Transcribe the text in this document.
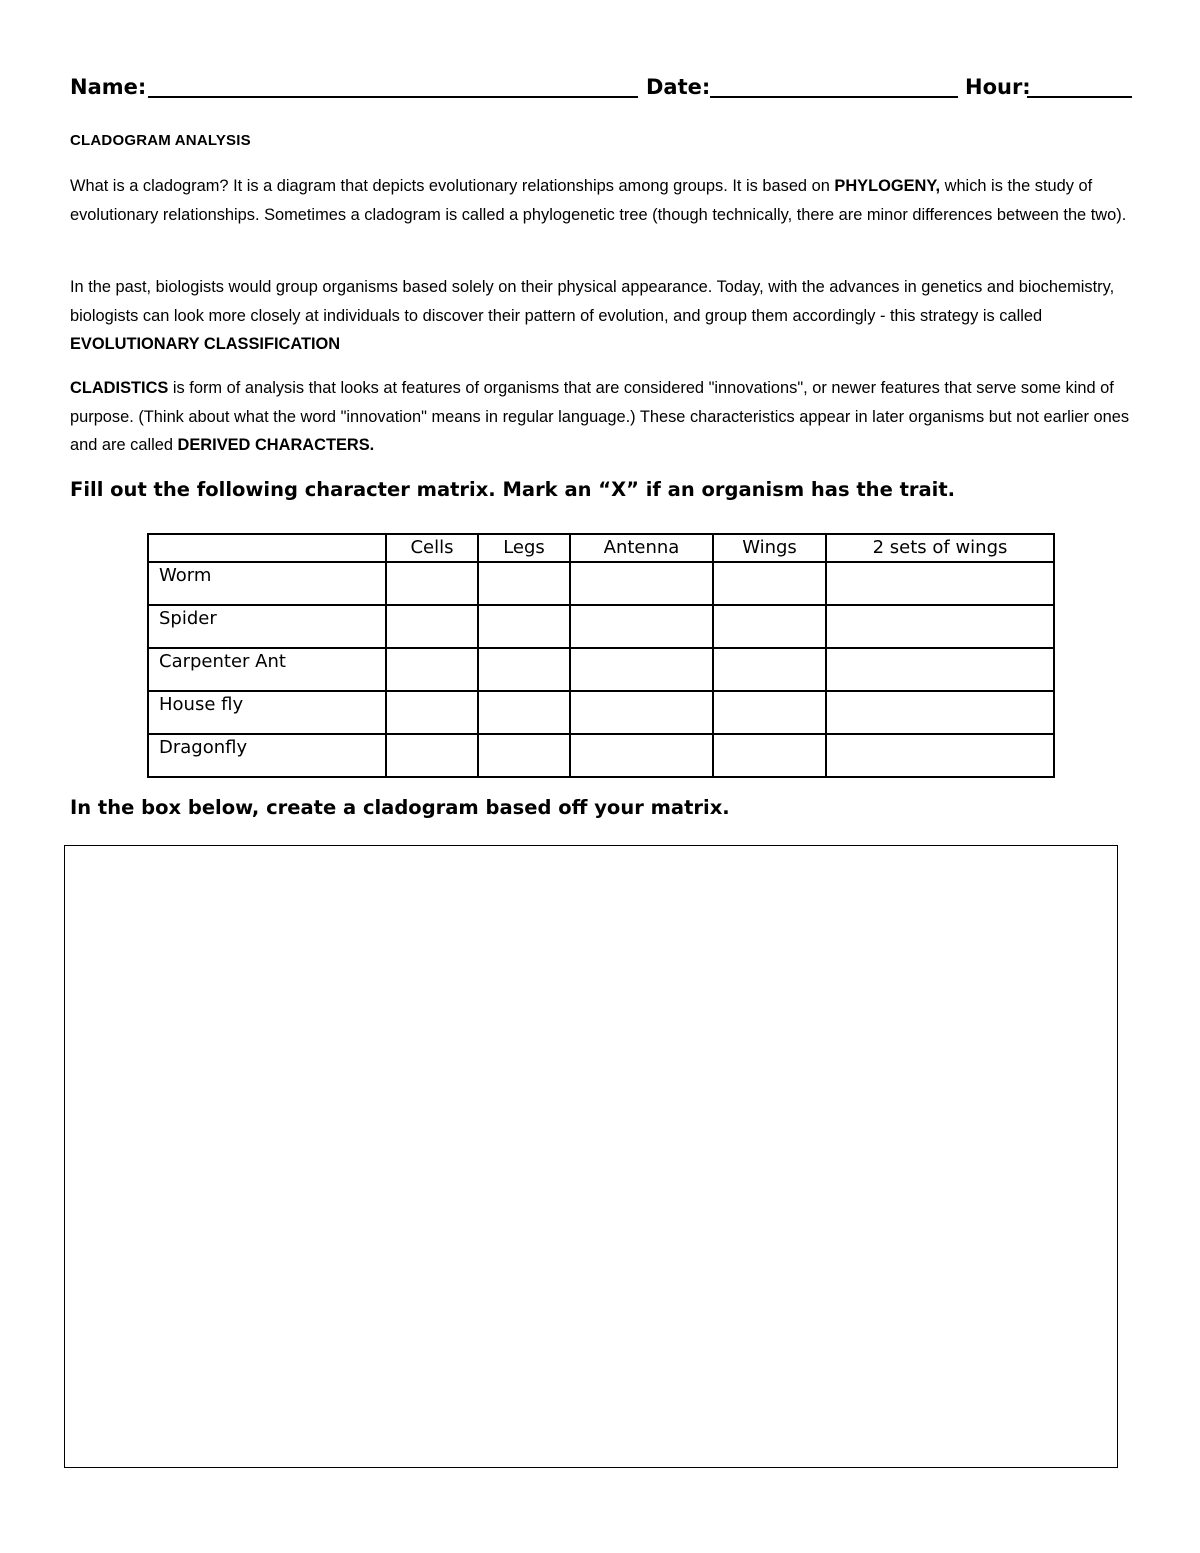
Name:	Date:	Hour:
CLADOGRAM ANALYSIS

What is a cladogram? It is a diagram that depicts evolutionary relationships among groups. It is based on PHYLOGENY, which is the study of evolutionary relationships. Sometimes a cladogram is called a phylogenetic tree (though technically, there are minor differences between the two).

In the past, biologists would group organisms based solely on their physical appearance. Today, with the advances in genetics and biochemistry, biologists can look more closely at individuals to discover their pattern of evolution, and group them accordingly - this strategy is called EVOLUTIONARY CLASSIFICATION

CLADISTICS is form of analysis that looks at features of organisms that are considered "innovations", or newer features that serve some kind of purpose. (Think about what the word "innovation" means in regular language.) These characteristics appear in later organisms but not earlier ones and are called DERIVED CHARACTERS.

Fill out the following character matrix. Mark an “X” if an organism has the trait.
	Cells	Legs	Antenna	Wings	2 sets of wings
Worm					
Spider					
Carpenter Ant					
House fly					
Dragonfly					
In the box below, create a cladogram based off your matrix.
